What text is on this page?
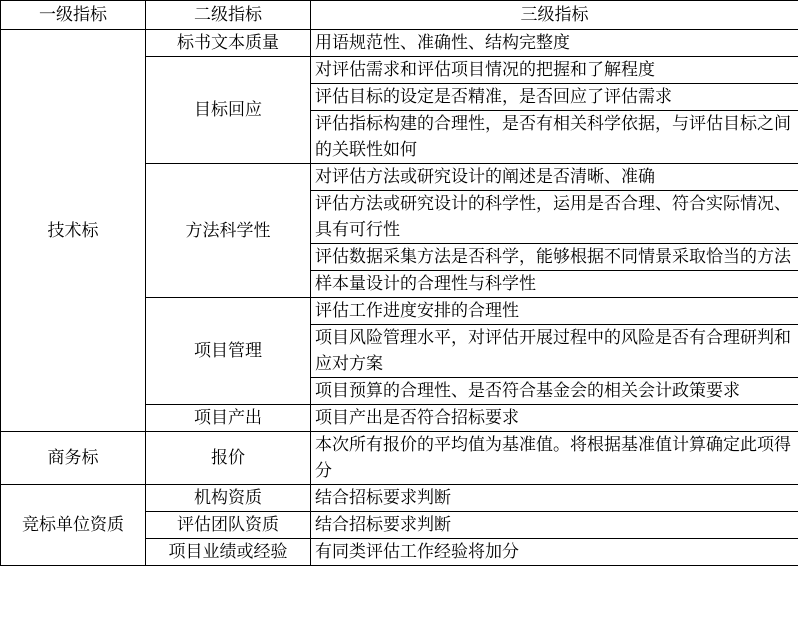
一级指标	二级指标	三级指标
技术标	标书文本质量	用语规范性、准确性、结构完整度
	目标回应	对评估需求和评估项目情况的把握和了解程度
		评估目标的设定是否精准，是否回应了评估需求
		评估指标构建的合理性，是否有相关科学依据，与评估目标之间的关联性如何
	方法科学性	对评估方法或研究设计的阐述是否清晰、准确
		评估方法或研究设计的科学性，运用是否合理、符合实际情况、具有可行性
		评估数据采集方法是否科学，能够根据不同情景采取恰当的方法
		样本量设计的合理性与科学性
	项目管理	评估工作进度安排的合理性
		项目风险管理水平，对评估开展过程中的风险是否有合理研判和应对方案
		项目预算的合理性、是否符合基金会的相关会计政策要求
	项目产出	项目产出是否符合招标要求
商务标	报价	本次所有报价的平均值为基准值。将根据基准值计算确定此项得分
竞标单位资质	机构资质	结合招标要求判断
	评估团队资质	结合招标要求判断
	项目业绩或经验	有同类评估工作经验将加分
